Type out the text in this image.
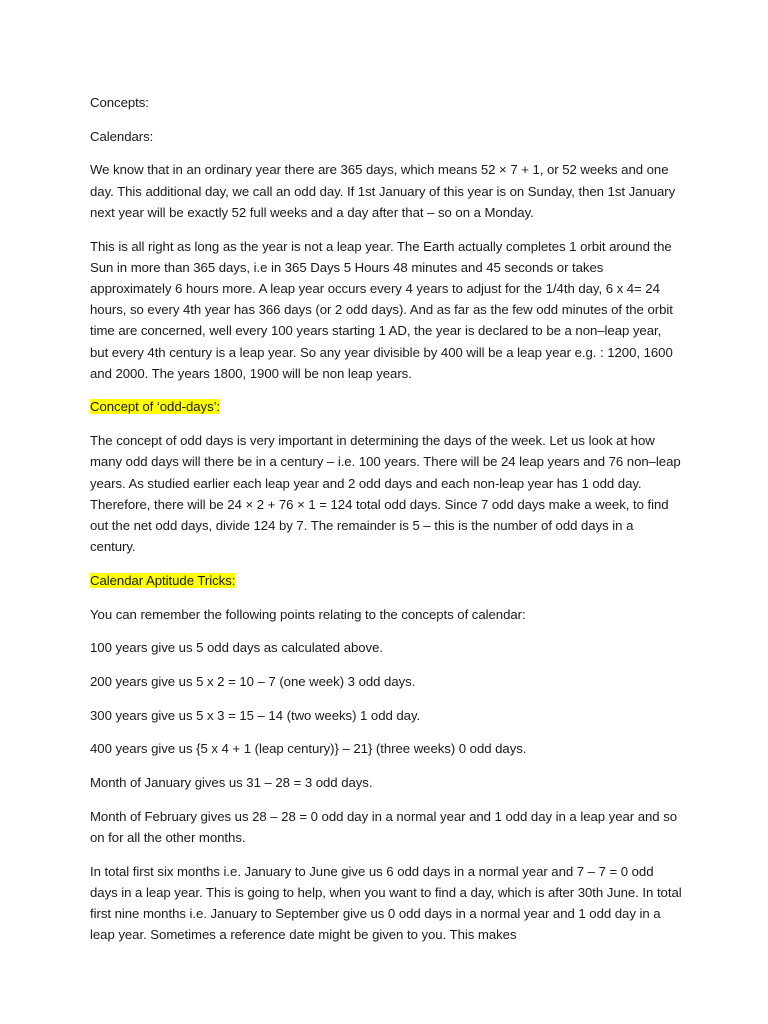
Concepts:

Calendars:

We know that in an ordinary year there are 365 days, which means 52 × 7 + 1, or 52 weeks and one day. This additional day, we call an odd day. If 1st January of this year is on Sunday, then 1st January next year will be exactly 52 full weeks and a day after that – so on a Monday.

This is all right as long as the year is not a leap year. The Earth actually completes 1 orbit around the Sun in more than 365 days, i.e in 365 Days 5 Hours 48 minutes and 45 seconds or takes approximately 6 hours more. A leap year occurs every 4 years to adjust for the 1/4th day, 6 x 4= 24 hours, so every 4th year has 366 days (or 2 odd days). And as far as the few odd minutes of the orbit time are concerned, well every 100 years starting 1 AD, the year is declared to be a non–leap year, but every 4th century is a leap year. So any year divisible by 400 will be a leap year e.g. : 1200, 1600 and 2000. The years 1800, 1900 will be non leap years.

Concept of ‘odd-days’:

The concept of odd days is very important in determining the days of the week. Let us look at how many odd days will there be in a century – i.e. 100 years. There will be 24 leap years and 76 non–leap years. As studied earlier each leap year and 2 odd days and each non-leap year has 1 odd day. Therefore, there will be 24 × 2 + 76 × 1 = 124 total odd days. Since 7 odd days make a week, to find out the net odd days, divide 124 by 7. The remainder is 5 – this is the number of odd days in a century.

Calendar Aptitude Tricks:

You can remember the following points relating to the concepts of calendar:

100 years give us 5 odd days as calculated above.

200 years give us 5 x 2 = 10 – 7 (one week) 3 odd days.

300 years give us 5 x 3 = 15 – 14 (two weeks) 1 odd day.

400 years give us {5 x 4 + 1 (leap century)} – 21} (three weeks) 0 odd days.

Month of January gives us 31 – 28 = 3 odd days.

Month of February gives us 28 – 28 = 0 odd day in a normal year and 1 odd day in a leap year and so on for all the other months.

In total first six months i.e. January to June give us 6 odd days in a normal year and 7 – 7 = 0 odd days in a leap year. This is going to help, when you want to find a day, which is after 30th June. In total first nine months i.e. January to September give us 0 odd days in a normal year and 1 odd day in a leap year. Sometimes a reference date might be given to you. This makes
